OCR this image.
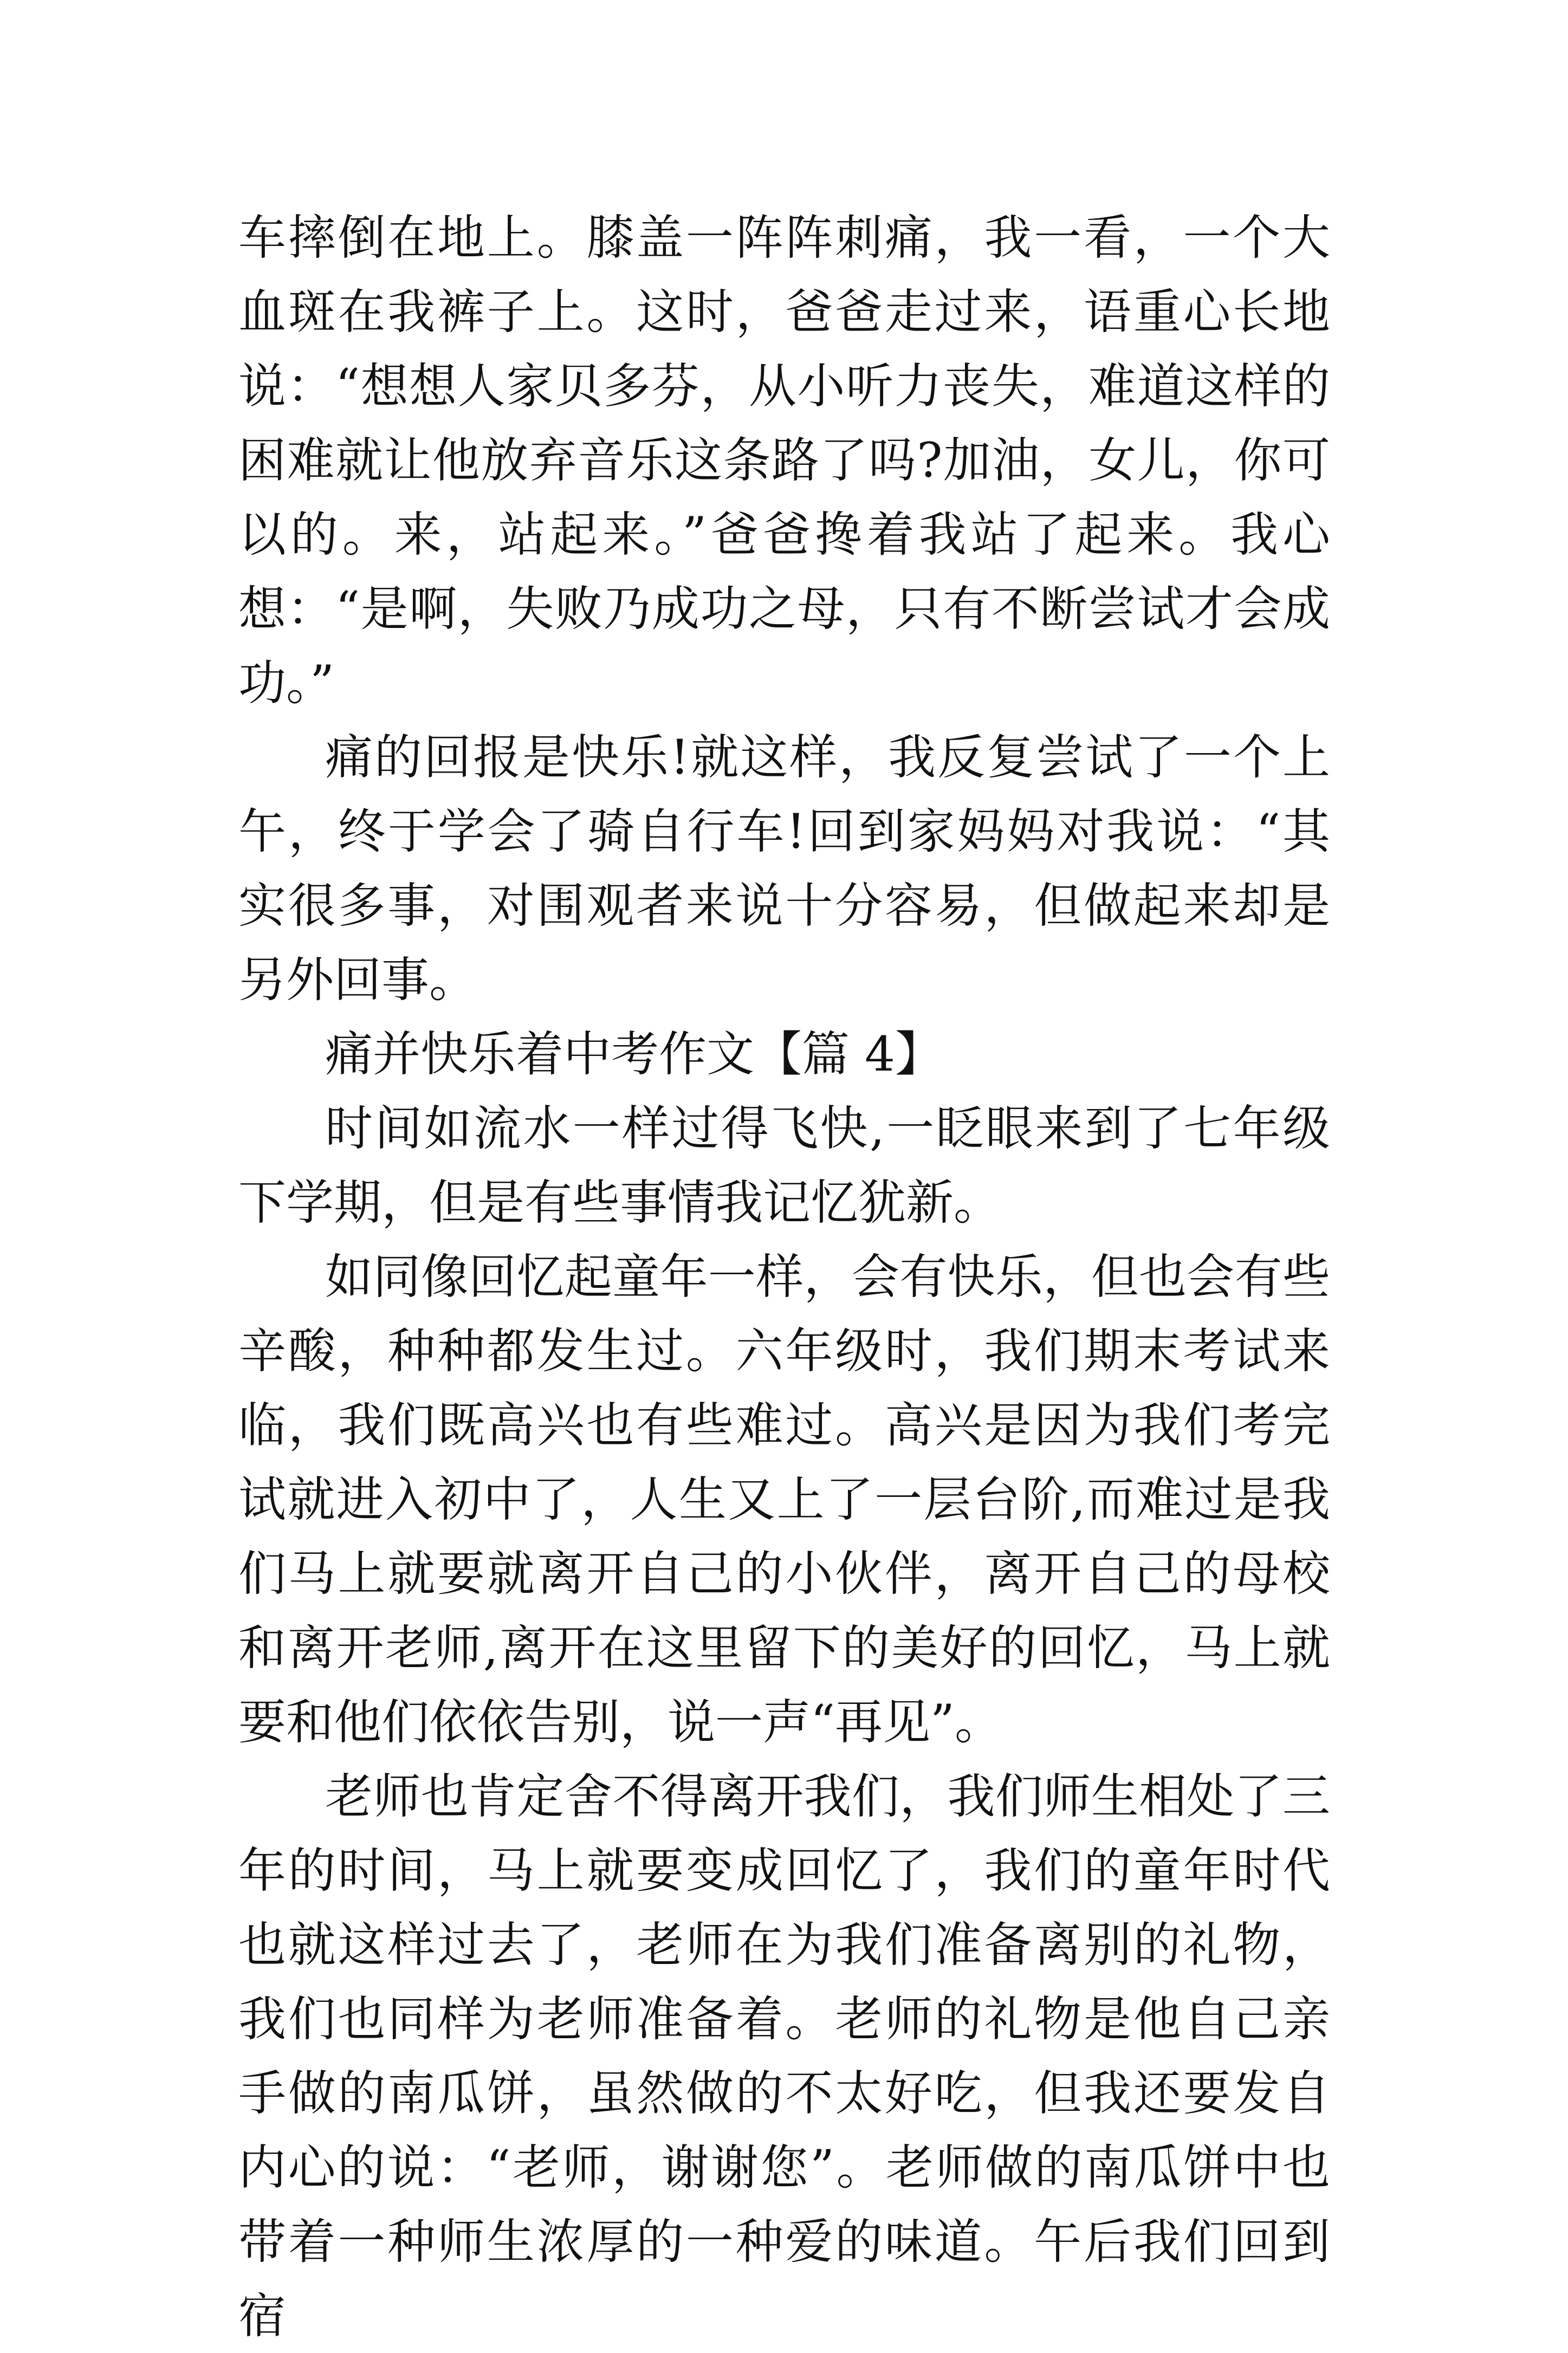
车摔倒在地上。膝盖一阵阵刺痛，我一看，一个大血斑在我裤子上。这时，爸爸走过来，语重心长地说：“想想人家贝多芬，从小听力丧失，难道这样的困难就让他放弃音乐这条路了吗?加油，女儿，你可以的。来，站起来。”爸爸搀着我站了起来。我心想：“是啊，失败乃成功之母，只有不断尝试才会成功。”

痛的回报是快乐!就这样，我反复尝试了一个上午，终于学会了骑自行车!回到家妈妈对我说：“其实很多事，对围观者来说十分容易，但做起来却是另外回事。

痛并快乐着中考作文【篇 4】

时间如流水一样过得飞快,一眨眼来到了七年级下学期，但是有些事情我记忆犹新。

如同像回忆起童年一样，会有快乐，但也会有些辛酸，种种都发生过。六年级时，我们期末考试来临，我们既高兴也有些难过。高兴是因为我们考完试就进入初中了，人生又上了一层台阶,而难过是我们马上就要就离开自己的小伙伴，离开自己的母校和离开老师,离开在这里留下的美好的回忆，马上就要和他们依依告别，说一声“再见”。

老师也肯定舍不得离开我们，我们师生相处了三年的时间，马上就要变成回忆了，我们的童年时代也就这样过去了，老师在为我们准备离别的礼物，我们也同样为老师准备着。老师的礼物是他自己亲手做的南瓜饼，虽然做的不太好吃，但我还要发自内心的说：“老师，谢谢您”。老师做的南瓜饼中也带着一种师生浓厚的一种爱的味道。午后我们回到宿
